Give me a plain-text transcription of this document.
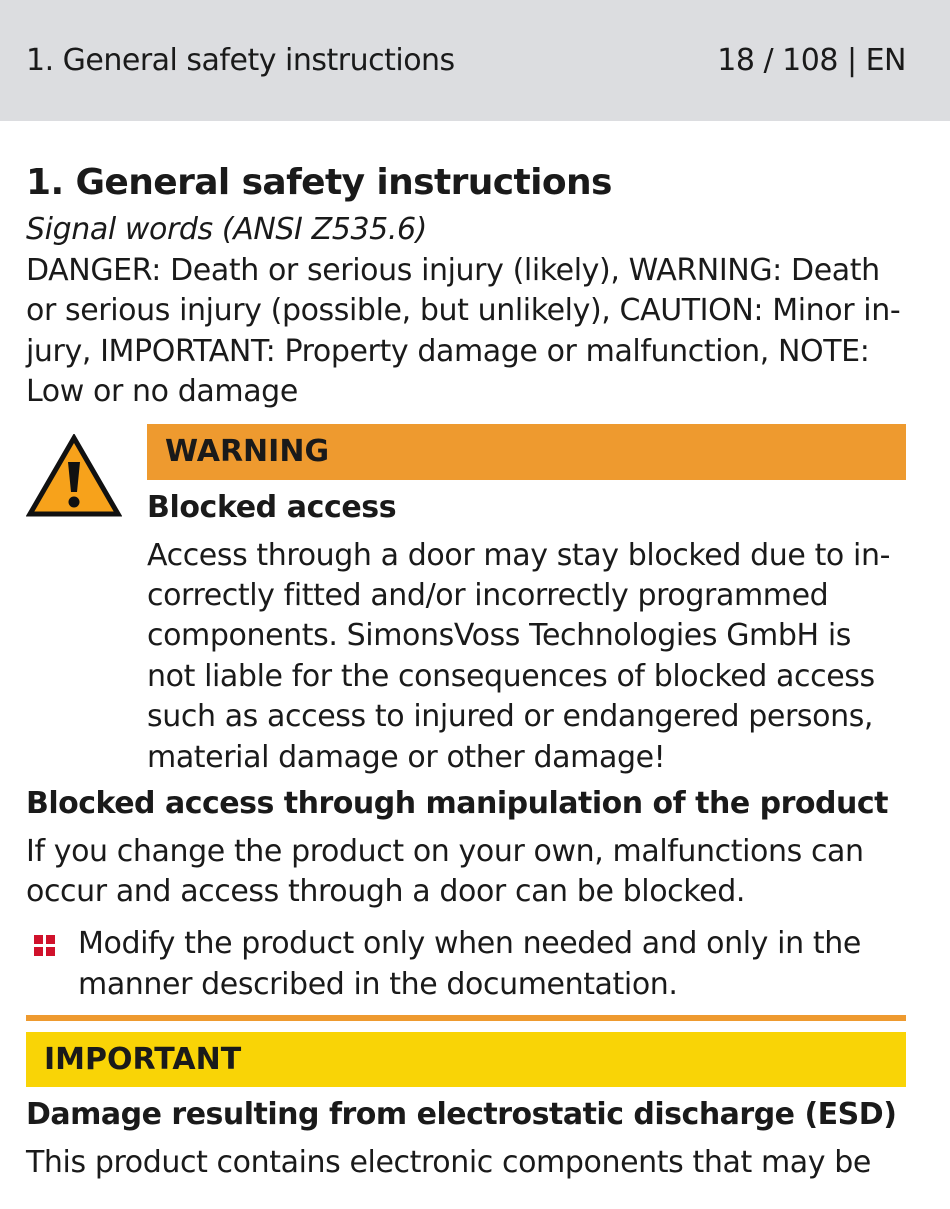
1. General safety instructions	18 / 108 | EN
1. General safety instructions
Signal words (ANSI Z535.6)
DANGER: Death or serious injury (likely), WARNING: Death or serious injury (possible, but unlikely), CAUTION: Minor in-jury, IMPORTANT: Property damage or malfunction, NOTE: Low or no damage
WARNING
Blocked access
Access through a door may stay blocked due to in-correctly fitted and/or incorrectly programmed components. SimonsVoss Technologies GmbH is not liable for the consequences of blocked access such as access to injured or endangered persons, material damage or other damage!
Blocked access through manipulation of the product
If you change the product on your own, malfunctions can occur and access through a door can be blocked.
Modify the product only when needed and only in the manner described in the documentation.
IMPORTANT
Damage resulting from electrostatic discharge (ESD)
This product contains electronic components that may be
